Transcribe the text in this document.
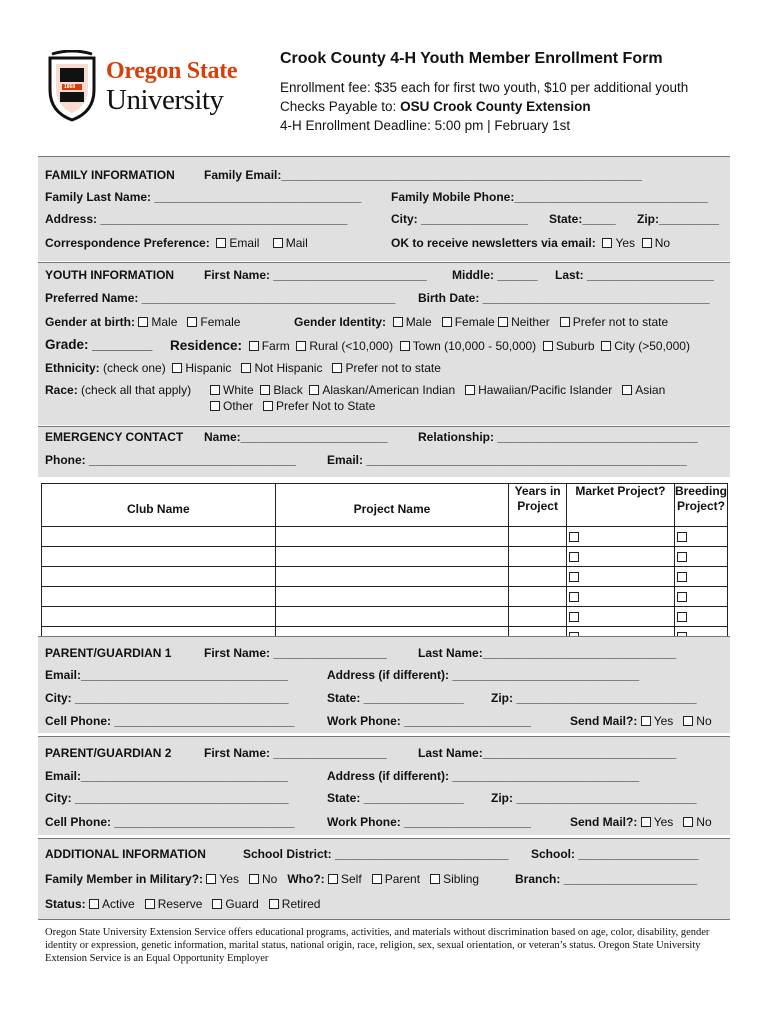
1868
Oregon State
University
Crook County 4-H Youth Member Enrollment Form
Enrollment fee: $35 each for first two youth, $10 per additional youth
Checks Payable to: OSU Crook County Extension
4-H Enrollment Deadline: 5:00 pm | February 1st
FAMILY INFORMATION Family Email:______________________________________________________
Family Last Name: _______________________________ Family Mobile Phone:_____________________________
Address: _____________________________________	City: ________________ State:_____ Zip:_________
Correspondence Preference: Email Mail	OK to receive newsletters via email: Yes No
YOUTH INFORMATION First Name: _______________________ Middle: ______ Last: ___________________
Preferred Name: ______________________________________ Birth Date: __________________________________
Gender at birth: Male Female	Gender Identity: Male Female Neither Prefer not to state
Grade: ________ Residence: Farm Rural (<10,000) Town (10,000 - 50,000) Suburb City (>50,000)
Ethnicity: (check one) Hispanic Not Hispanic Prefer not to state
Race: (check all that apply)	White Black Alaskan/American Indian Hawaiian/Pacific Islander Asian
Other Prefer Not to State
EMERGENCY CONTACT Name:______________________	Relationship: ______________________________
Phone: _______________________________	Email: ________________________________________________
Club Name	Project Name	Years in Project	Market Project?	Breeding Project?

PARENT/GUARDIAN 1	First Name: _________________	Last Name:_____________________________
Email:_______________________________	Address (if different): ____________________________
City: ________________________________	State: _______________ Zip: ___________________________
Cell Phone: ___________________________	Work Phone: ___________________	Send Mail?: Yes No
PARENT/GUARDIAN 2	First Name: _________________	Last Name:_____________________________
Email:_______________________________	Address (if different): ____________________________
City: ________________________________	State: _______________ Zip: ___________________________
Cell Phone: ___________________________	Work Phone: ___________________	Send Mail?: Yes No
ADDITIONAL INFORMATION	School District: __________________________ School: __________________
Family Member in Military?: Yes No Who?: Self Parent Sibling	Branch: ____________________
Status: Active Reserve Guard Retired
Oregon State University Extension Service offers educational programs, activities, and materials without discrimination based on age, color, disability, gender identity or expression, genetic information, marital status, national origin, race, religion, sex, sexual orientation, or veteran’s status. Oregon State University Extension Service is an Equal Opportunity Employer
